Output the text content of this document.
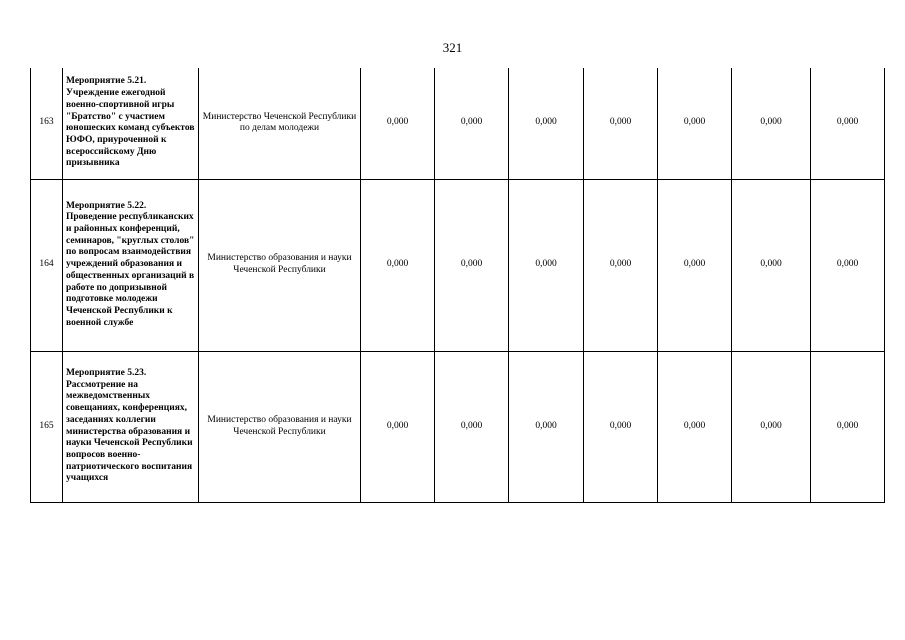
321
163	Мероприятие 5.21. Учреждение ежегодной военно-спортивной игры "Братство" с участием юношеских команд субъектов ЮФО, приуроченной к всероссийскому Дню призывника	Министерство Чеченской Республики по делам молодежи	0,000	0,000	0,000	0,000	0,000	0,000	0,000
164	Мероприятие 5.22. Проведение республиканских и районных конференций, семинаров, "круглых столов" по вопросам взаимодействия учреждений образования и общественных организаций в работе по допризывной подготовке молодежи Чеченской Республики к военной службе	Министерство образования и науки Чеченской Республики	0,000	0,000	0,000	0,000	0,000	0,000	0,000
165	Мероприятие 5.23. Рассмотрение на межведомственных совещаниях, конференциях, заседаниях коллегии министерства образования и науки Чеченской Республики вопросов военно-патриотического воспитания учащихся	Министерство образования и науки Чеченской Республики	0,000	0,000	0,000	0,000	0,000	0,000	0,000
